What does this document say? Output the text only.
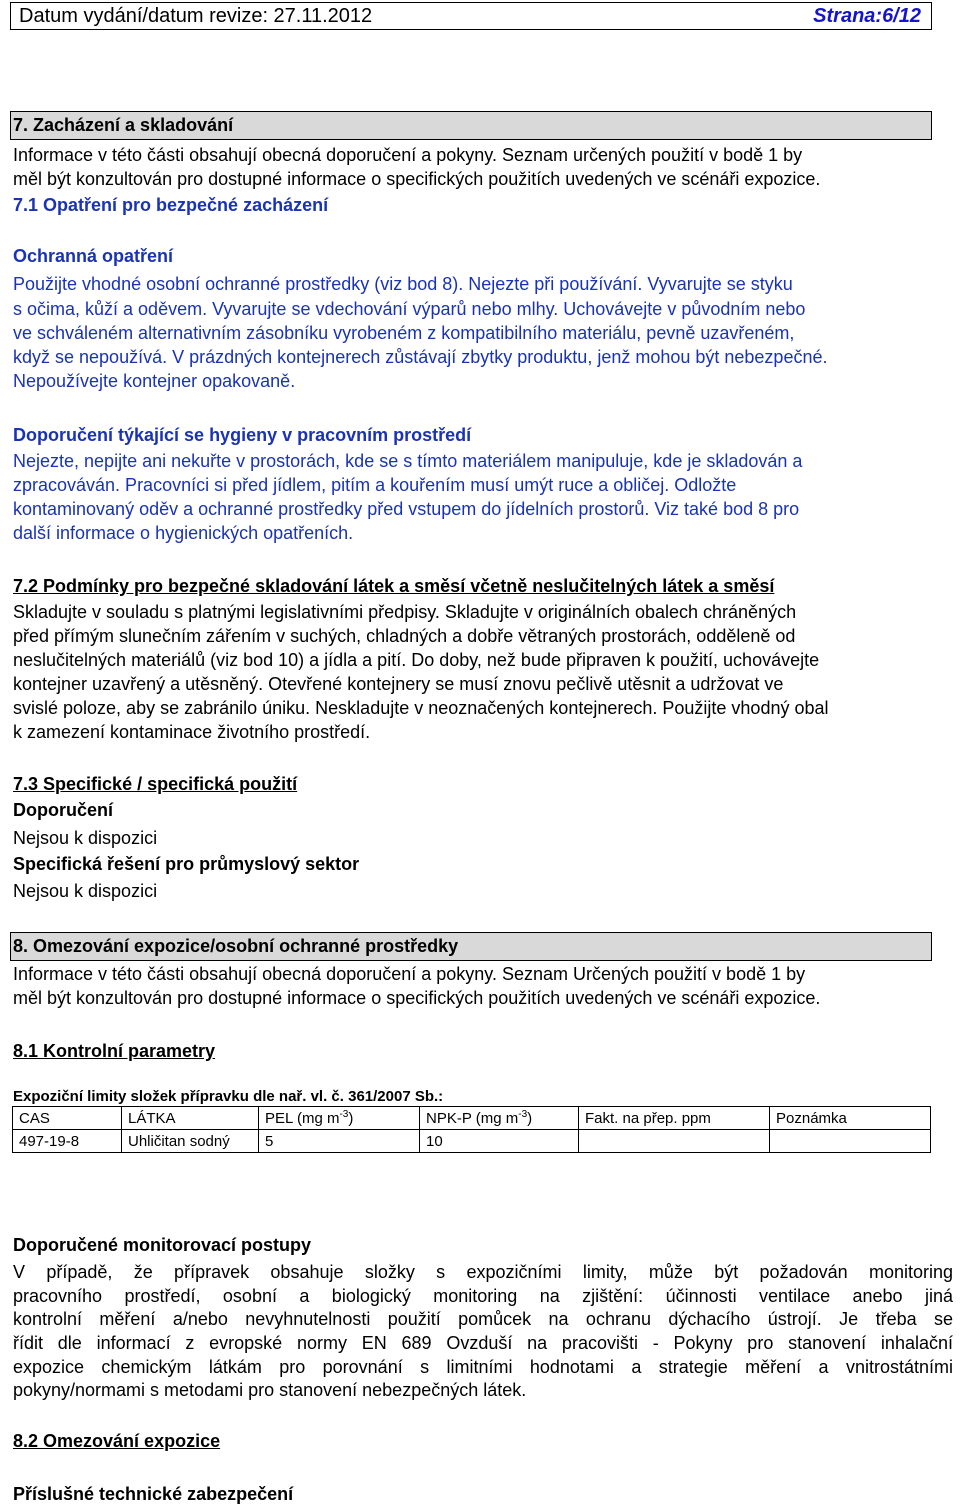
Datum vydání/datum revize: 27.11.2012	Strana:6/12
7. Zacházení a skladování
Informace v této části obsahují obecná doporučení a pokyny. Seznam určených použití v bodě 1 by
měl být konzultován pro dostupné informace o specifických použitích uvedených ve scénáři expozice.
7.1 Opatření pro bezpečné zacházení
Ochranná opatření
Použijte vhodné osobní ochranné prostředky (viz bod 8). Nejezte při používání. Vyvarujte se styku
s očima, kůží a oděvem. Vyvarujte se vdechování výparů nebo mlhy. Uchovávejte v původním nebo
ve schváleném alternativním zásobníku vyrobeném z kompatibilního materiálu, pevně uzavřeném,
když se nepoužívá. V prázdných kontejnerech zůstávají zbytky produktu, jenž mohou být nebezpečné.
Nepoužívejte kontejner opakovaně.
Doporučení týkající se hygieny v pracovním prostředí
Nejezte, nepijte ani nekuřte v prostorách, kde se s tímto materiálem manipuluje, kde je skladován a
zpracováván. Pracovníci si před jídlem, pitím a kouřením musí umýt ruce a obličej. Odložte
kontaminovaný oděv a ochranné prostředky před vstupem do jídelních prostorů. Viz také bod 8 pro
další informace o hygienických opatřeních.
7.2 Podmínky pro bezpečné skladování látek a směsí včetně neslučitelných látek a směsí
Skladujte v souladu s platnými legislativními předpisy. Skladujte v originálních obalech chráněných
před přímým slunečním zářením v suchých, chladných a dobře větraných prostorách, odděleně od
neslučitelných materiálů (viz bod 10) a jídla a pití. Do doby, než bude připraven k použití, uchovávejte
kontejner uzavřený a utěsněný. Otevřené kontejnery se musí znovu pečlivě utěsnit a udržovat ve
svislé poloze, aby se zabránilo úniku. Neskladujte v neoznačených kontejnerech. Použijte vhodný obal
k zamezení kontaminace životního prostředí.
7.3 Specifické / specifická použití
Doporučení
Nejsou k dispozici
Specifická řešení pro průmyslový sektor
Nejsou k dispozici
8. Omezování expozice/osobní ochranné prostředky
Informace v této části obsahují obecná doporučení a pokyny. Seznam Určených použití v bodě 1 by
měl být konzultován pro dostupné informace o specifických použitích uvedených ve scénáři expozice.
8.1 Kontrolní parametry
Expoziční limity složek přípravku dle nař. vl. č. 361/2007 Sb.:
CAS	LÁTKA	PEL (mg $m^{-3}$)	NPK-P (mg $m^{-3}$)	Fakt. na přep. ppm	Poznámka
497-19-8	Uhličitan sodný	5	10		
Doporučené monitorovací postupy
V případě, že přípravek obsahuje složky s expozičními limity, může být požadován monitoring
pracovního prostředí, osobní a biologický monitoring na zjištění: účinnosti ventilace anebo jiná
kontrolní měření a/nebo nevyhnutelnosti použití pomůcek na ochranu dýchacího ústrojí. Je třeba se
řídit dle informací z evropské normy EN 689 Ovzduší na pracovišti - Pokyny pro stanovení inhalační
expozice chemickým látkám pro porovnání s limitními hodnotami a strategie měření a vnitrostátními
pokyny/normami s metodami pro stanovení nebezpečných látek.
8.2 Omezování expozice
Příslušné technické zabezpečení
